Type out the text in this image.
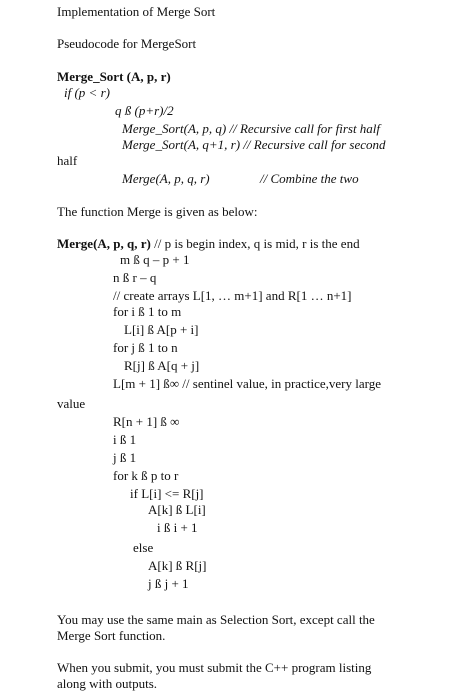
Implementation of Merge Sort
Pseudocode for MergeSort
Merge_Sort (A, p, r)
if (p < r)
q ß (p+r)/2
Merge_Sort(A, p, q) // Recursive call for first half
Merge_Sort(A, q+1, r) // Recursive call for second
half
Merge(A, p, q, r)	// Combine the two
The function Merge is given as below:
Merge(A, p, q, r) // p is begin index, q is mid, r is the end
m ß q – p + 1
n ß r – q
// create arrays L[1, … m+1] and R[1 … n+1]
for i ß 1 to m
L[i] ß A[p + i]
for j ß 1 to n
R[j] ß A[q + j]
L[m + 1] ß∞ // sentinel value, in practice,very large
value
R[n + 1] ß ∞
i ß 1
j ß 1
for k ß p to r
if L[i] <= R[j]
A[k] ß L[i]
i ß i + 1
else
A[k] ß R[j]
j ß j + 1
You may use the same main as Selection Sort, except call the
Merge Sort function.
When you submit, you must submit the C++ program listing
along with outputs.
